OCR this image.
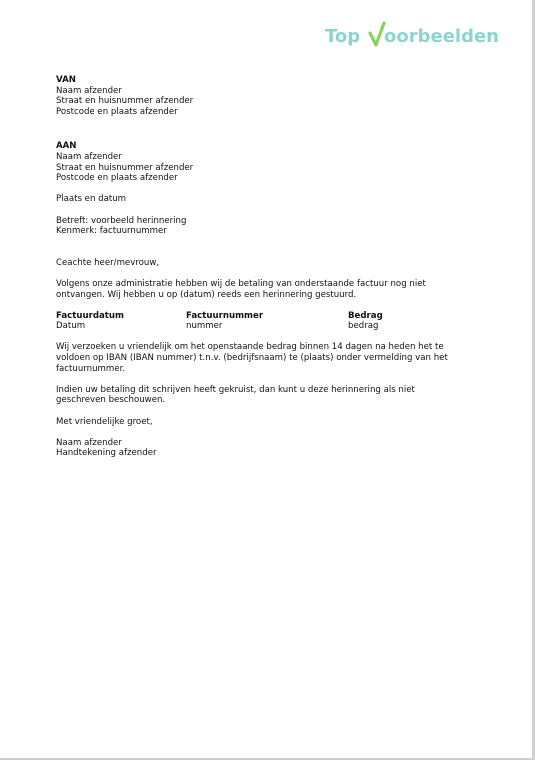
Top oorbeelden

VAN

Naam afzender

Straat en huisnummer afzender

Postcode en plaats afzender

AAN

Naam afzender

Straat en huisnummer afzender

Postcode en plaats afzender

Plaats en datum

Betreft: voorbeeld herinnering

Kenmerk: factuurnummer

Ceachte heer/mevrouw,

Volgens onze administratie hebben wij de betaling van onderstaande factuur nog niet

ontvangen. Wij hebben u op (datum) reeds een herinnering gestuurd.

Factuurdatum	Factuurnummer	Bedrag
Datum	nummer	bedrag

Wij verzoeken u vriendelijk om het openstaande bedrag binnen 14 dagen na heden het te

voldoen op IBAN (IBAN nummer) t.n.v. (bedrijfsnaam) te (plaats) onder vermelding van het

factuurnummer.

Indien uw betaling dit schrijven heeft gekruist, dan kunt u deze herinnering als niet

geschreven beschouwen.

Met vriendelijke groet,

Naam afzender

Handtekening afzender
